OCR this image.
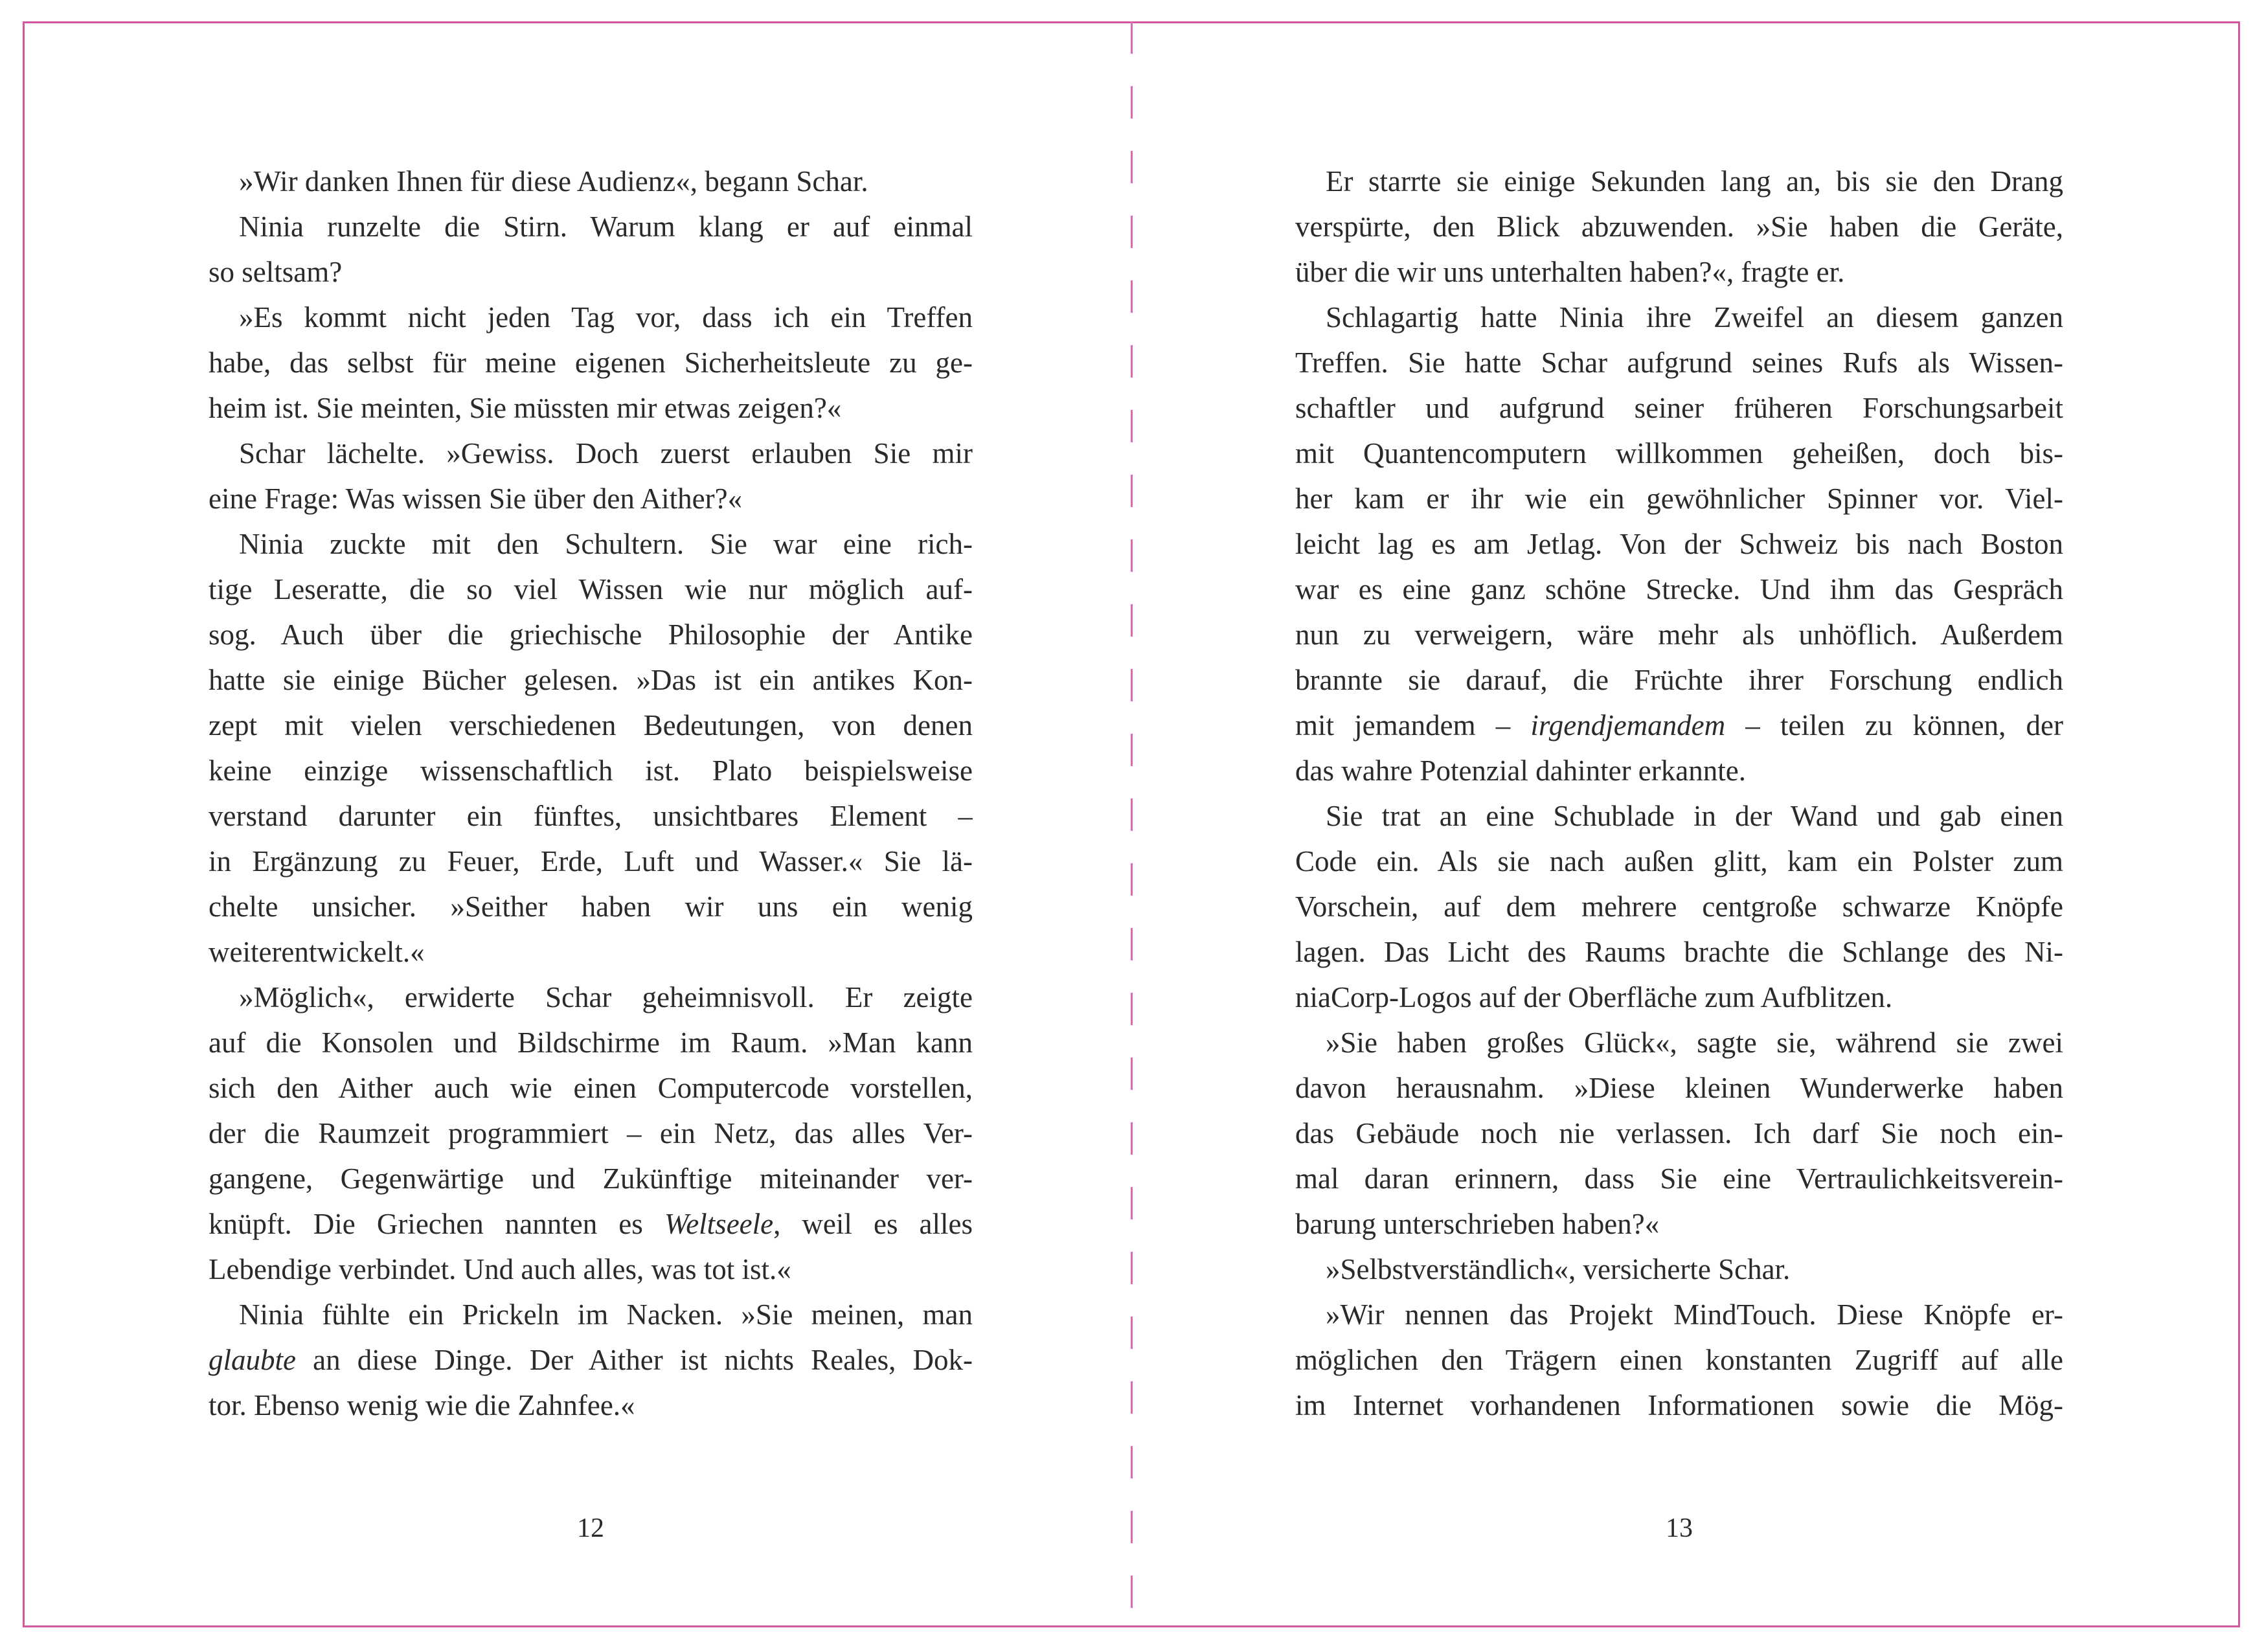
»Wir danken Ihnen für diese Audienz«, begann Schar.
Ninia runzelte die Stirn. Warum klang er auf einmal
so seltsam?
»Es kommt nicht jeden Tag vor, dass ich ein Treffen
habe, das selbst für meine eigenen Sicherheitsleute zu ge-
heim ist. Sie meinten, Sie müssten mir etwas zeigen?«
Schar lächelte. »Gewiss. Doch zuerst erlauben Sie mir
eine Frage: Was wissen Sie über den Aither?«
Ninia zuckte mit den Schultern. Sie war eine rich-
tige Leseratte, die so viel Wissen wie nur möglich auf-
sog. Auch über die griechische Philosophie der Antike
hatte sie einige Bücher gelesen. »Das ist ein antikes Kon-
zept mit vielen verschiedenen Bedeutungen, von denen
keine einzige wissenschaftlich ist. Plato beispielsweise
verstand darunter ein fünftes, unsichtbares Element –
in Ergänzung zu Feuer, Erde, Luft und Wasser.« Sie lä-
chelte unsicher. »Seither haben wir uns ein wenig
weiterentwickelt.«
»Möglich«, erwiderte Schar geheimnisvoll. Er zeigte
auf die Konsolen und Bildschirme im Raum. »Man kann
sich den Aither auch wie einen Computercode vorstellen,
der die Raumzeit programmiert – ein Netz, das alles Ver-
gangene, Gegenwärtige und Zukünftige miteinander ver-
knüpft. Die Griechen nannten es Weltseele, weil es alles
Lebendige verbindet. Und auch alles, was tot ist.«
Ninia fühlte ein Prickeln im Nacken. »Sie meinen, man
glaubte an diese Dinge. Der Aither ist nichts Reales, Dok-
tor. Ebenso wenig wie die Zahnfee.«
Er starrte sie einige Sekunden lang an, bis sie den Drang
verspürte, den Blick abzuwenden. »Sie haben die Geräte,
über die wir uns unterhalten haben?«, fragte er.
Schlagartig hatte Ninia ihre Zweifel an diesem ganzen
Treffen. Sie hatte Schar aufgrund seines Rufs als Wissen-
schaftler und aufgrund seiner früheren Forschungsarbeit
mit Quantencomputern willkommen geheißen, doch bis-
her kam er ihr wie ein gewöhnlicher Spinner vor. Viel-
leicht lag es am Jetlag. Von der Schweiz bis nach Boston
war es eine ganz schöne Strecke. Und ihm das Gespräch
nun zu verweigern, wäre mehr als unhöflich. Außerdem
brannte sie darauf, die Früchte ihrer Forschung endlich
mit jemandem – irgendjemandem – teilen zu können, der
das wahre Potenzial dahinter erkannte.
Sie trat an eine Schublade in der Wand und gab einen
Code ein. Als sie nach außen glitt, kam ein Polster zum
Vorschein, auf dem mehrere centgroße schwarze Knöpfe
lagen. Das Licht des Raums brachte die Schlange des Ni-
niaCorp-Logos auf der Oberfläche zum Aufblitzen.
»Sie haben großes Glück«, sagte sie, während sie zwei
davon herausnahm. »Diese kleinen Wunderwerke haben
das Gebäude noch nie verlassen. Ich darf Sie noch ein-
mal daran erinnern, dass Sie eine Vertraulichkeitsverein-
barung unterschrieben haben?«
»Selbstverständlich«, versicherte Schar.
»Wir nennen das Projekt MindTouch. Diese Knöpfe er-
möglichen den Trägern einen konstanten Zugriff auf alle
im Internet vorhandenen Informationen sowie die Mög-
12	13
